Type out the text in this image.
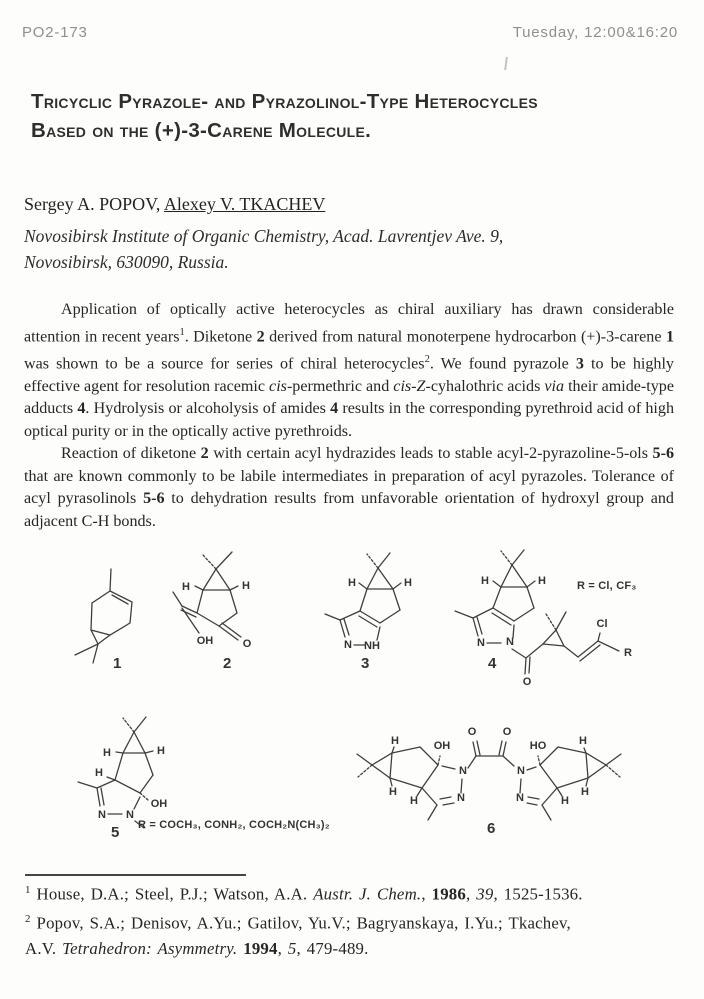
PO2-173	Tuesday, 12:00&16:20
Tricyclic Pyrazole- and Pyrazolinol-Type Heterocycles
Based on the (+)-3-Carene Molecule.
Sergey A. POPOV, Alexey V. TKACHEV
Novosibirsk Institute of Organic Chemistry, Acad. Lavrentjev Ave. 9,
Novosibirsk, 630090, Russia.

Application of optically active heterocycles as chiral auxiliary has drawn considerable attention in recent years$^1$. Diketone 2 derived from natural monoterpene hydrocarbon (+)-3-carene 1 was shown to be a source for series of chiral heterocycles$^2$. We found pyrazole 3 to be highly effective agent for resolution racemic cis-permethric and cis-Z-cyhalothric acids via their amide-type adducts 4. Hydrolysis or alcoholysis of amides 4 results in the corresponding pyrethroid acid of high optical purity or in the optically active pyrethroids.

Reaction of diketone 2 with certain acyl hydrazides leads to stable acyl-2-pyrazoline-5-ols 5-6 that are known commonly to be labile intermediates in preparation of acyl pyrazoles. Tolerance of acyl pyrasolinols 5-6 to dehydration results from unfavorable orientation of hydroxyl group and adjacent C-H bonds.

1
H	H
OH	O
2
H	H
N NH
3
H	H
N N
O
Cl
R
R = Cl, CF₃
4
H	H
H
OH
N N
5 R = COCH₃, CONH₂, COCH₂N(CH₃)₂
H
H
H
OH
N
N
O O
N
N
HO
H
H
H
6
$^1$ House, D.A.; Steel, P.J.; Watson, A.A. Austr. J. Chem., 1986, 39, 1525-1536.
$^2$ Popov, S.A.; Denisov, A.Yu.; Gatilov, Yu.V.; Bagryanskaya, I.Yu.; Tkachev,
A.V. Tetrahedron: Asymmetry. 1994, 5, 479-489.
